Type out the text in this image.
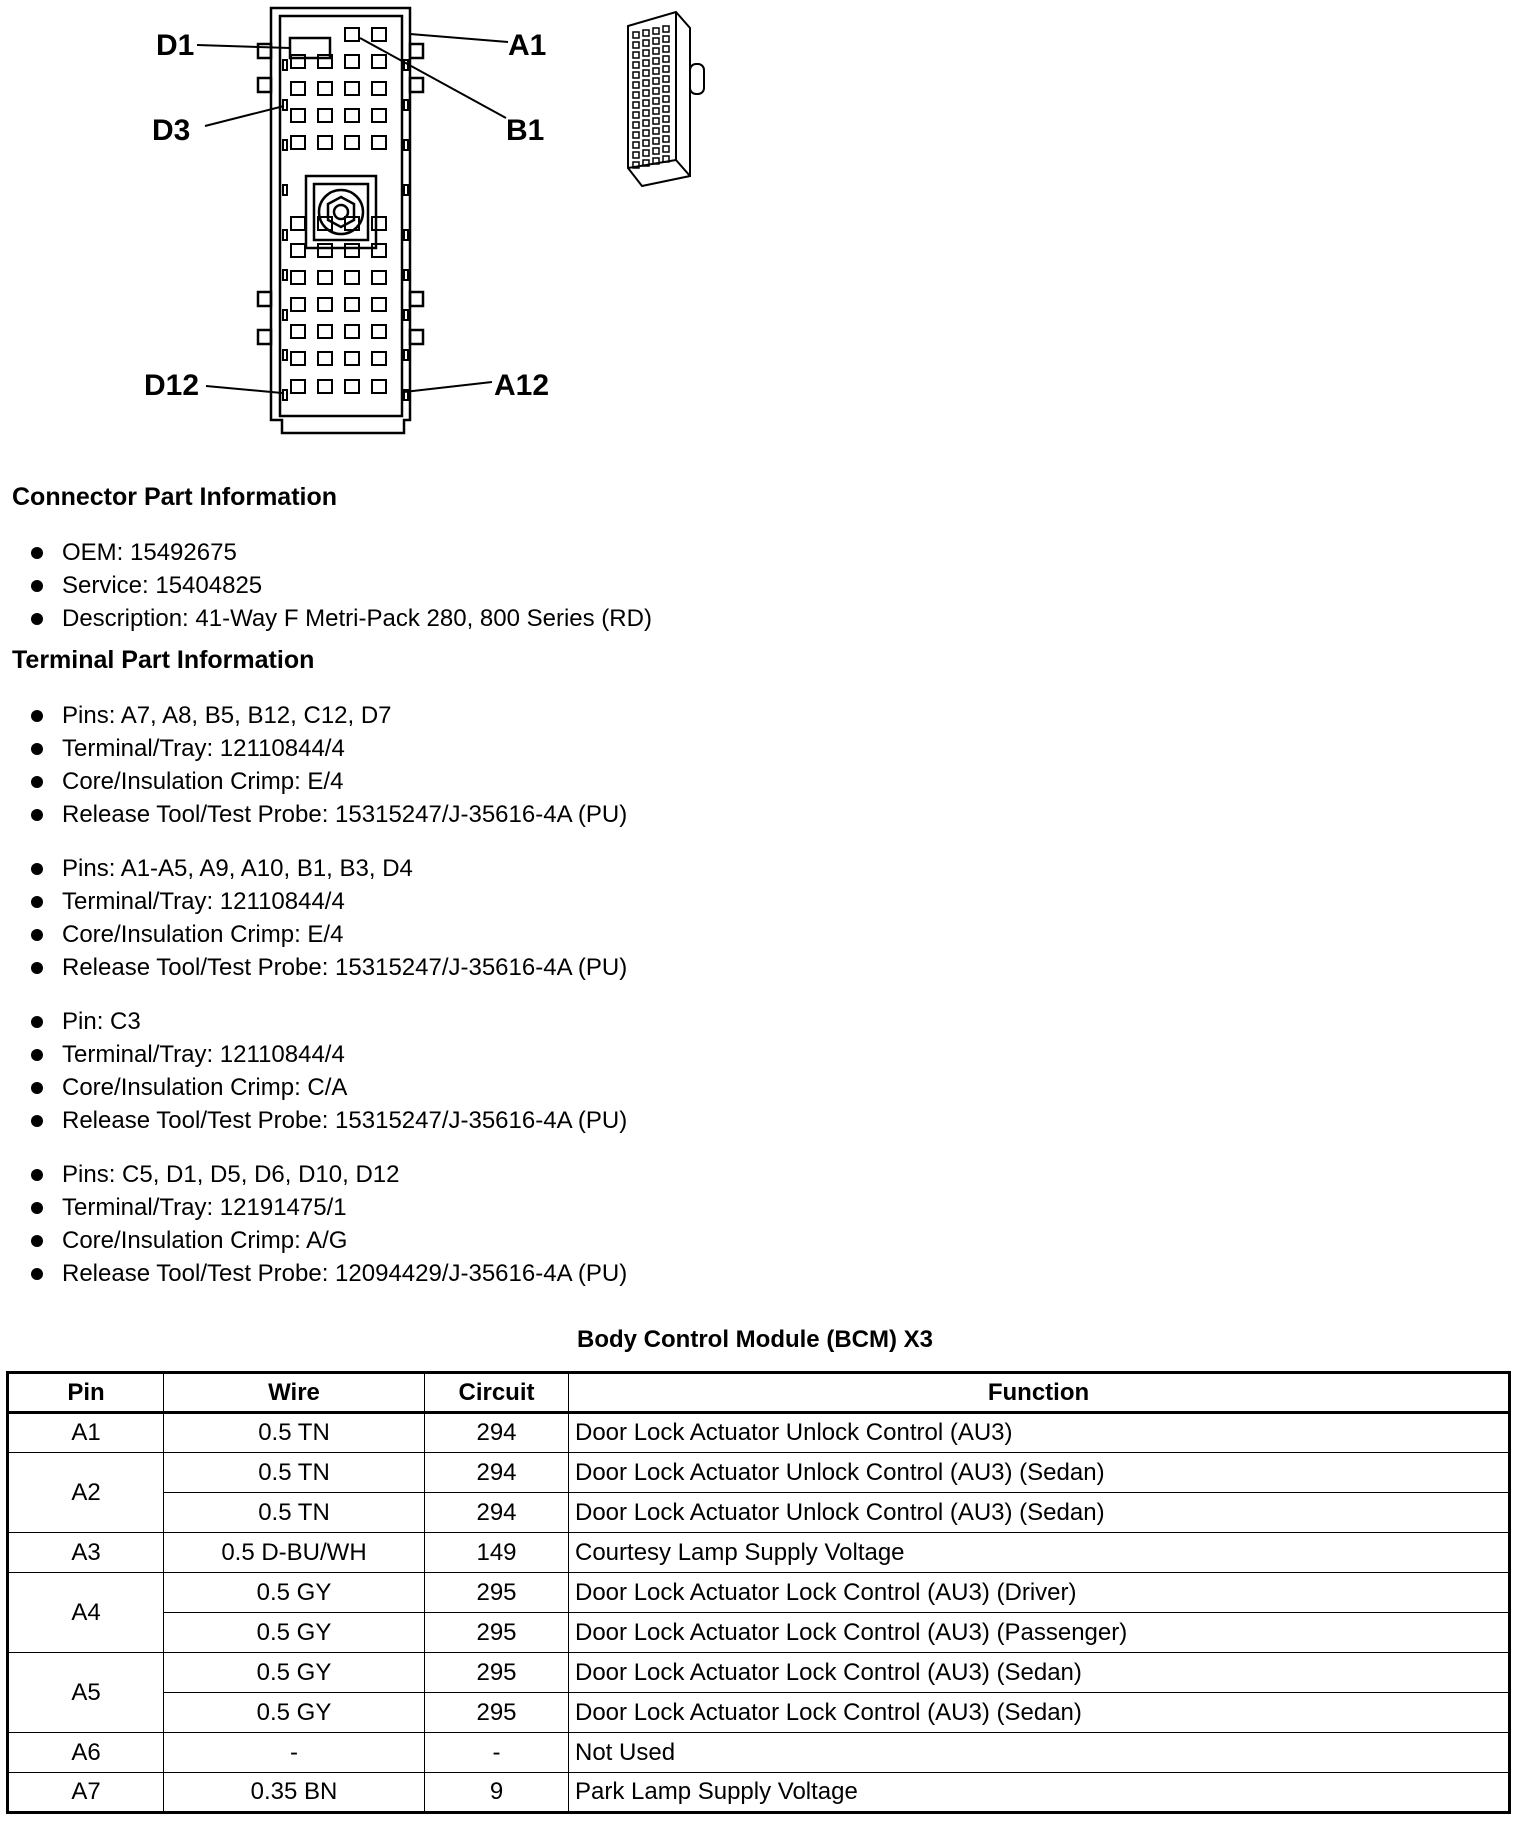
D1	A1
D3	B1
D12	A12
Connector Part Information
OEM: 15492675
Service: 15404825
Description: 41-Way F Metri-Pack 280, 800 Series (RD)
Terminal Part Information
Pins: A7, A8, B5, B12, C12, D7
Terminal/Tray: 12110844/4
Core/Insulation Crimp: E/4
Release Tool/Test Probe: 15315247/J-35616-4A (PU)
Pins: A1-A5, A9, A10, B1, B3, D4
Terminal/Tray: 12110844/4
Core/Insulation Crimp: E/4
Release Tool/Test Probe: 15315247/J-35616-4A (PU)
Pin: C3
Terminal/Tray: 12110844/4
Core/Insulation Crimp: C/A
Release Tool/Test Probe: 15315247/J-35616-4A (PU)
Pins: C5, D1, D5, D6, D10, D12
Terminal/Tray: 12191475/1
Core/Insulation Crimp: A/G
Release Tool/Test Probe: 12094429/J-35616-4A (PU)
Body Control Module (BCM) X3
Pin	Wire	Circuit	Function
A1	0.5 TN	294	Door Lock Actuator Unlock Control (AU3)
A2	0.5 TN	294	Door Lock Actuator Unlock Control (AU3) (Sedan)
	0.5 TN	294	Door Lock Actuator Unlock Control (AU3) (Sedan)
A3	0.5 D-BU/WH	149	Courtesy Lamp Supply Voltage
A4	0.5 GY	295	Door Lock Actuator Lock Control (AU3) (Driver)
	0.5 GY	295	Door Lock Actuator Lock Control (AU3) (Passenger)
A5	0.5 GY	295	Door Lock Actuator Lock Control (AU3) (Sedan)
	0.5 GY	295	Door Lock Actuator Lock Control (AU3) (Sedan)
A6	-	-	Not Used
A7	0.35 BN	9	Park Lamp Supply Voltage
